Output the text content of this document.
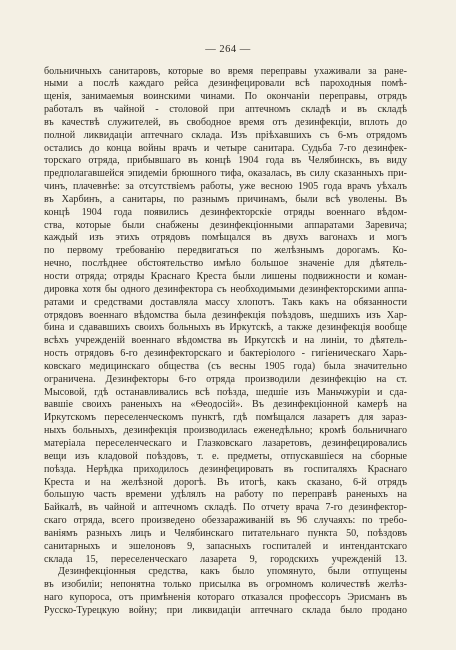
— 264 —
больничныхъ санитаровъ, которые во время переправы ухаживали за ране-
ными а послѣ каждаго рейса дезинфецировали всѣ пароходныя помѣ-
щенія, занимаемыя воинскими чинами. По окончаніи переправы, отрядъ
работалъ въ чайной - столовой при аптечномъ складѣ и въ складѣ
въ качествѣ служителей, въ свободное время отъ дезинфекціи, вплоть до
полной ликвидаціи аптечнаго склада. Изъ пріѣхавшихъ съ 6-мъ отрядомъ
остались до конца войны врачъ и четыре санитара. Судьба 7-го дезинфек-
торскаго отряда, прибывшаго въ концѣ 1904 года въ Челябинскъ, въ виду
предполагавшейся эпидеміи брюшного тифа, оказалась, въ силу сказанныхъ при-
чинъ, плачевнѣе: за отсутствіемъ работы, уже весною 1905 года врачъ уѣхалъ
въ Харбинъ, а санитары, по разнымъ причинамъ, были всѣ уволены. Въ
концѣ 1904 года появились дезинфекторскіе отряды военнаго вѣдом-
ства, которые были снабжены дезинфекціонными аппаратами Заревича;
каждый изъ этихъ отрядовъ помѣщался въ двухъ вагонахъ и могъ
по первому требованію передвигаться по желѣзнымъ дорогамъ. Ко-
нечно, послѣднее обстоятельство имѣло большое значеніе для дѣятель-
ности отряда; отряды Краснаго Креста были лишены подвижности и коман-
дировка хотя бы одного дезинфектора съ необходимыми дезинфекторскими аппа-
ратами и средствами доставляла массу хлопотъ. Такъ какъ на обязанности
отрядовъ военнаго вѣдомства была дезинфекція поѣздовъ, шедшихъ изъ Хар-
бина и сдававшихъ своихъ больныхъ въ Иркутскѣ, а также дезинфекція вообще
всѣхъ учрежденій военнаго вѣдомства въ Иркутскѣ и на линіи, то дѣятель-
ность отрядовъ 6-го дезинфекторскаго и бактеріолого - гигіеническаго Харь-
ковскаго медицинскаго общества (съ весны 1905 года) была значительно
ограничена. Дезинфекторы 6-го отряда производили дезинфекцію на ст.
Мысовой, гдѣ останавливались всѣ поѣзда, шедшіе изъ Маньчжуріи и сда-
вавшіе своихъ раненыхъ на «Ѳеодосій». Въ дезинфекціонной камерѣ на
Иркутскомъ переселенческомъ пунктѣ, гдѣ помѣщался лазаретъ для зараз-
ныхъ больныхъ, дезинфекція производилась еженедѣльно; кромѣ больничнаго
матеріала переселенческаго и Глазковскаго лазаретовъ, дезинфецировались
вещи изъ кладовой поѣздовъ, т. е. предметы, отпускавшіеся на сборные
поѣзда. Нерѣдка приходилось дезинфецировать въ госпиталяхъ Краснаго
Креста и на желѣзной дорогѣ. Въ итогѣ, какъ сказано, 6-й отрядъ
большую часть времени удѣлялъ на работу по переправѣ раненыхъ на
Байкалѣ, въ чайной и аптечномъ складѣ. По отчету врача 7-го дезинфектор-
скаго отряда, всего произведено обеззараживаній въ 96 случаяхъ: по требо-
ваніямъ разныхъ лицъ и Челябинскаго питательнаго пункта 50, поѣздовъ
санитарныхъ и эшелоновъ 9, запасныхъ госпиталей и интендантскаго
склада 15, переселенческаго лазарета 9, городскихъ учрежденій 13.
Дезинфекціонныя средства, какъ было упомянуто, были отпущены
въ изобиліи; непонятна только присылка въ огромномъ количествѣ желѣз-
наго купороса, отъ примѣненія котораго отказался профессоръ Эрисманъ въ
Русско-Турецкую войну; при ликвидаціи аптечнаго склада было продано
